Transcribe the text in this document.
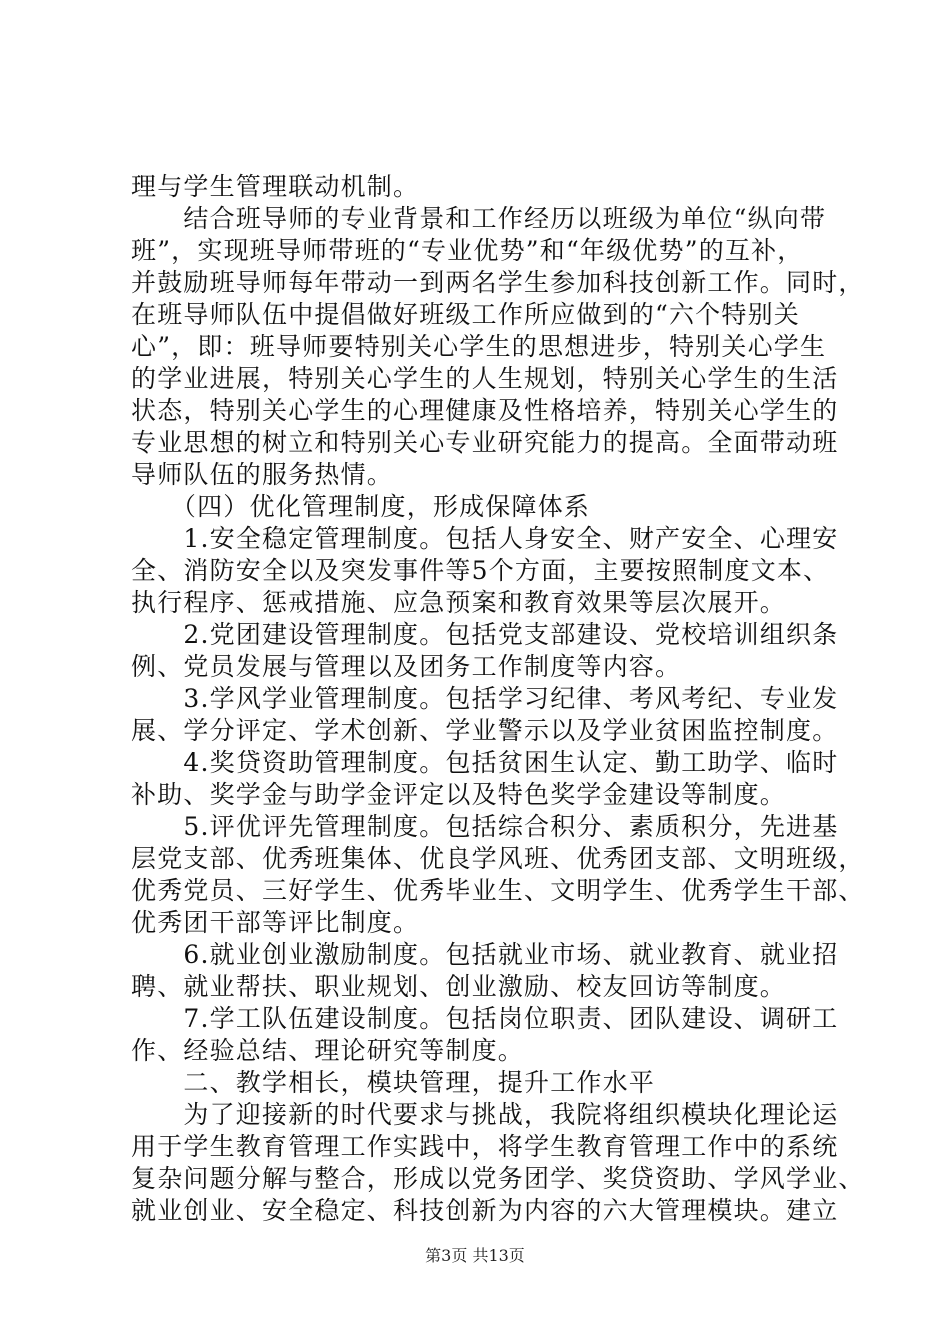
理与学生管理联动机制。
　　结合班导师的专业背景和工作经历以班级为单位“纵向带
班”，实现班导师带班的“专业优势”和“年级优势”的互补，
并鼓励班导师每年带动一到两名学生参加科技创新工作。同时，
在班导师队伍中提倡做好班级工作所应做到的“六个特别关
心”，即：班导师要特别关心学生的思想进步，特别关心学生
的学业进展，特别关心学生的人生规划，特别关心学生的生活
状态，特别关心学生的心理健康及性格培养，特别关心学生的
专业思想的树立和特别关心专业研究能力的提高。全面带动班
导师队伍的服务热情。
　　（四）优化管理制度，形成保障体系
　　1.安全稳定管理制度。包括人身安全、财产安全、心理安
全、消防安全以及突发事件等5个方面，主要按照制度文本、
执行程序、惩戒措施、应急预案和教育效果等层次展开。
　　2.党团建设管理制度。包括党支部建设、党校培训组织条
例、党员发展与管理以及团务工作制度等内容。
　　3.学风学业管理制度。包括学习纪律、考风考纪、专业发
展、学分评定、学术创新、学业警示以及学业贫困监控制度。
　　4.奖贷资助管理制度。包括贫困生认定、勤工助学、临时
补助、奖学金与助学金评定以及特色奖学金建设等制度。
　　5.评优评先管理制度。包括综合积分、素质积分，先进基
层党支部、优秀班集体、优良学风班、优秀团支部、文明班级，
优秀党员、三好学生、优秀毕业生、文明学生、优秀学生干部、
优秀团干部等评比制度。
　　6.就业创业激励制度。包括就业市场、就业教育、就业招
聘、就业帮扶、职业规划、创业激励、校友回访等制度。
　　7.学工队伍建设制度。包括岗位职责、团队建设、调研工
作、经验总结、理论研究等制度。
　　二、教学相长，模块管理，提升工作水平
　　为了迎接新的时代要求与挑战，我院将组织模块化理论运
用于学生教育管理工作实践中，将学生教育管理工作中的系统
复杂问题分解与整合，形成以党务团学、奖贷资助、学风学业、
就业创业、安全稳定、科技创新为内容的六大管理模块。建立
第3页 共13页
